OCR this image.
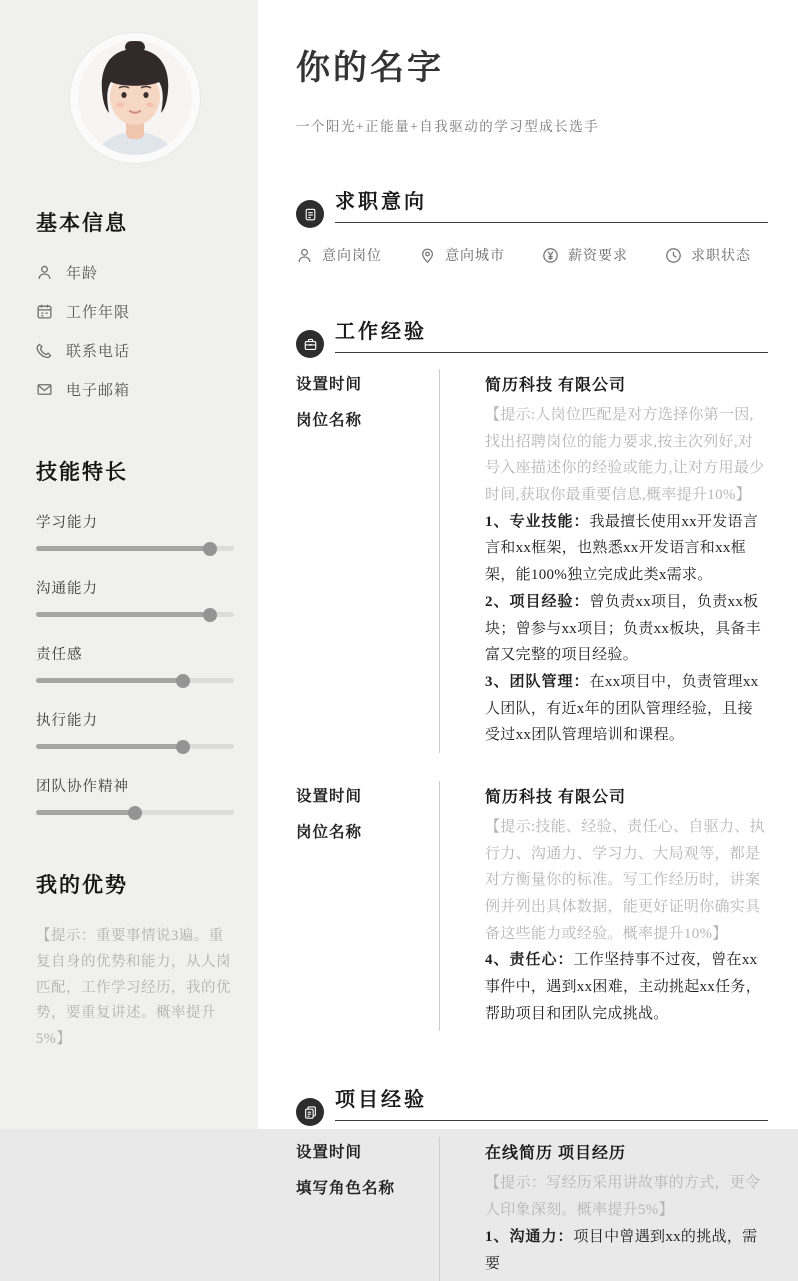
基本信息
年龄
工作年限
联系电话
电子邮箱
技能特长
学习能力
沟通能力
责任感
执行能力
团队协作精神
我的优势

【提示：重要事情说3遍。重复自身的优势和能力，从人岗匹配，工作学习经历，我的优势，要重复讲述。概率提升5%】

你的名字
一个阳光+正能量+自我驱动的学习型成长选手
求职意向
意向岗位	意向城市	薪资要求	求职状态
工作经验
设置时间
岗位名称
简历科技 有限公司

【提示:人岗位匹配是对方选择你第一因,找出招聘岗位的能力要求,按主次列好,对号入座描述你的经验或能力,让对方用最少时间,获取你最重要信息,概率提升10%】

1、专业技能：我最擅长使用xx开发语言言和xx框架，也熟悉xx开发语言和xx框架，能100%独立完成此类x需求。

2、项目经验：曾负责xx项目，负责xx板块；曾参与xx项目；负责xx板块，具备丰富又完整的项目经验。

3、团队管理：在xx项目中，负责管理xx人团队，有近x年的团队管理经验，且接受过xx团队管理培训和课程。

设置时间
岗位名称
简历科技 有限公司

【提示:技能、经验、责任心、自驱力、执行力、沟通力、学习力、大局观等，都是对方衡量你的标准。写工作经历时，讲案例并列出具体数据，能更好证明你确实具备这些能力或经验。概率提升10%】

4、责任心：工作坚持事不过夜，曾在xx事件中，遇到xx困难，主动挑起xx任务，帮助项目和团队完成挑战。

项目经验
设置时间
填写角色名称
在线简历 项目经历

【提示：写经历采用讲故事的方式，更令人印象深刻。概率提升5%】

1、沟通力：项目中曾遇到xx的挑战，需要
